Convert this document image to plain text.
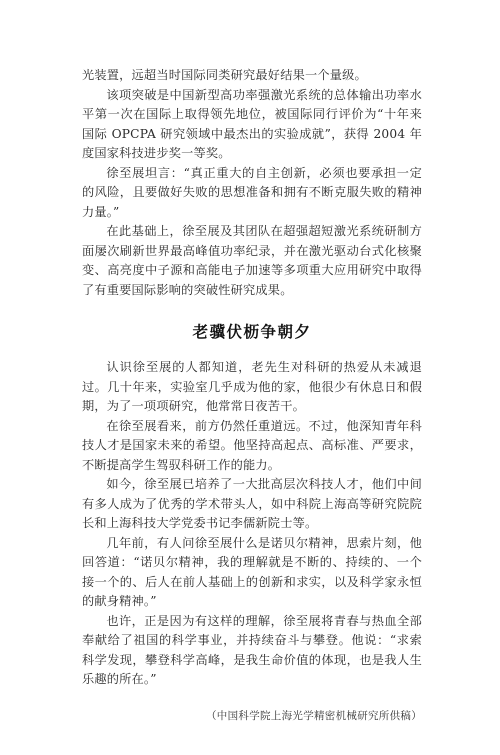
光装置，远超当时国际同类研究最好结果一个量级。

该项突破是中国新型高功率强激光系统的总体输出功率水平第一次在国际上取得领先地位，被国际同行评价为“十年来国际 OPCPA 研究领域中最杰出的实验成就”，获得 2004 年度国家科技进步奖一等奖。

徐至展坦言：“真正重大的自主创新，必须也要承担一定的风险，且要做好失败的思想准备和拥有不断克服失败的精神力量。”

在此基础上，徐至展及其团队在超强超短激光系统研制方面屡次刷新世界最高峰值功率纪录，并在激光驱动台式化核聚变、高亮度中子源和高能电子加速等多项重大应用研究中取得了有重要国际影响的突破性研究成果。

老骥伏枥争朝夕

认识徐至展的人都知道，老先生对科研的热爱从未减退过。几十年来，实验室几乎成为他的家，他很少有休息日和假期，为了一项项研究，他常常日夜苦干。

在徐至展看来，前方仍然任重道远。不过，他深知青年科技人才是国家未来的希望。他坚持高起点、高标准、严要求，不断提高学生驾驭科研工作的能力。

如今，徐至展已培养了一大批高层次科技人才，他们中间有多人成为了优秀的学术带头人，如中科院上海高等研究院院长和上海科技大学党委书记李儒新院士等。

几年前，有人问徐至展什么是诺贝尔精神，思索片刻，他回答道：“诺贝尔精神，我的理解就是不断的、持续的、一个接一个的、后人在前人基础上的创新和求实，以及科学家永恒的献身精神。”

也许，正是因为有这样的理解，徐至展将青春与热血全部奉献给了祖国的科学事业，并持续奋斗与攀登。他说：“求索科学发现，攀登科学高峰，是我生命价值的体现，也是我人生乐趣的所在。”

（中国科学院上海光学精密机械研究所供稿）
